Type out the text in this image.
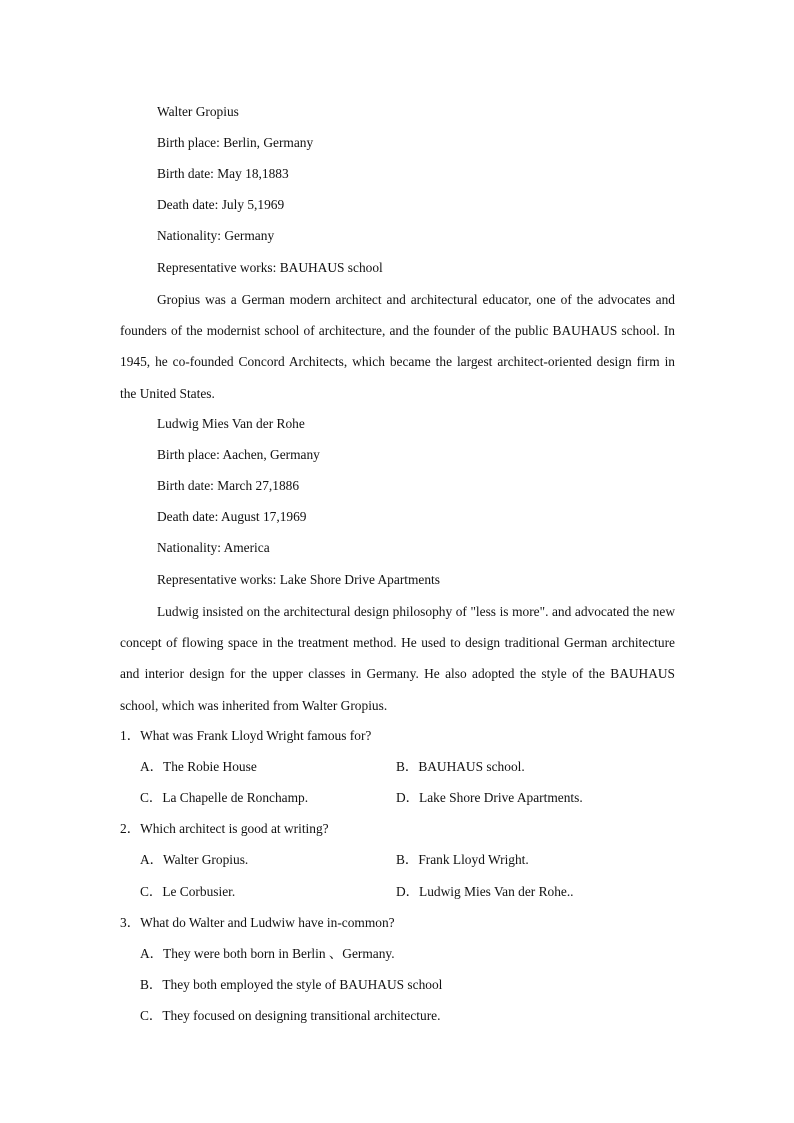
Walter Gropius
Birth place: Berlin, Germany
Birth date: May 18,1883
Death date: July 5,1969
Nationality: Germany
Representative works: BAUHAUS school

Gropius was a German modern architect and architectural educator, one of the advocates and founders of the modernist school of architecture, and the founder of the public BAUHAUS school. In 1945, he co-founded Concord Architects, which became the largest architect-oriented design firm in the United States.

Ludwig Mies Van der Rohe
Birth place: Aachen, Germany
Birth date: March 27,1886
Death date: August 17,1969
Nationality: America
Representative works: Lake Shore Drive Apartments

Ludwig insisted on the architectural design philosophy of "less is more". and advocated the new concept of flowing space in the treatment method. He used to design traditional German architecture and interior design for the upper classes in Germany. He also adopted the style of the BAUHAUS school, which was inherited from Walter Gropius.

1．What was Frank Lloyd Wright famous for?
A．The Robie House	B．BAUHAUS school.
C．La Chapelle de Ronchamp.	D．Lake Shore Drive Apartments.
2．Which architect is good at writing?
A．Walter Gropius.	B．Frank Lloyd Wright.
C．Le Corbusier.	D．Ludwig Mies Van der Rohe..
3．What do Walter and Ludwiw have in-common?
A．They were both born in Berlin 、Germany.
B．They both employed the style of BAUHAUS school
C．They focused on designing transitional architecture.
